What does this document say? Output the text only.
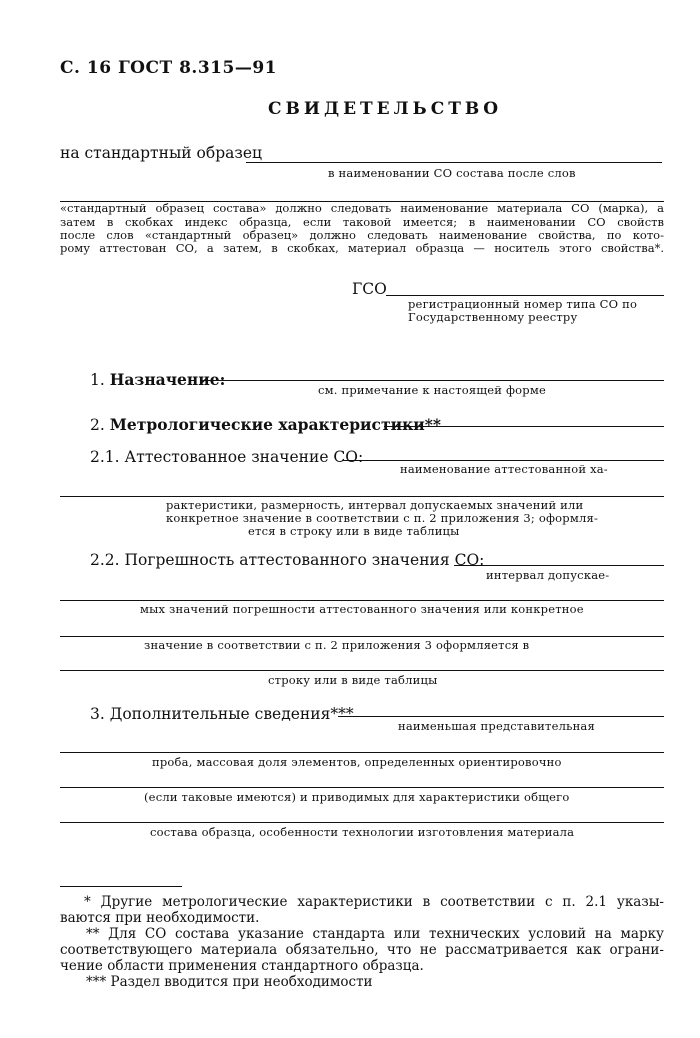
С. 16 ГОСТ 8.315—91
СВИДЕТЕЛЬСТВО
на стандартный образец
в наименовании СО состава после слов
«стандартный образец состава» должно следовать наименование материала СО (марка), а
затем в скобках индекс образца, если таковой имеется; в наименовании СО свойств
после слов «стандартный образец» должно следовать наименование свойства, по кото-
рому аттестован СО, а затем, в скобках, материал образца — носитель этого свойства*.
ГСО
регистрационный номер типа СО по
Государственному реестру
1. Назначение:
см. примечание к настоящей форме
2. Метрологические характеристики**
2.1. Аттестованное значение СО:
наименование аттестованной ха-
рактеристики, размерность, интервал допускаемых значений или
конкретное значение в соответствии с п. 2 приложения 3; оформля-
ется в строку или в виде таблицы
2.2. Погрешность аттестованного значения СО:
интервал допускае-
мых значений погрешности аттестованного значения или конкретное
значение в соответствии с п. 2 приложения 3 оформляется в
строку или в виде таблицы
3. Дополнительные сведения***
наименьшая представительная
проба, массовая доля элементов, определенных ориентировочно
(если таковые имеются) и приводимых для характеристики общего
состава образца, особенности технологии изготовления материала
* Другие метрологические характеристики в соответствии с п. 2.1 указы-
ваются при необходимости.
** Для СО состава указание стандарта или технических условий на марку
соответствующего материала обязательно, что не рассматривается как ограни-
чение области применения стандартного образца.
*** Раздел вводится при необходимости
